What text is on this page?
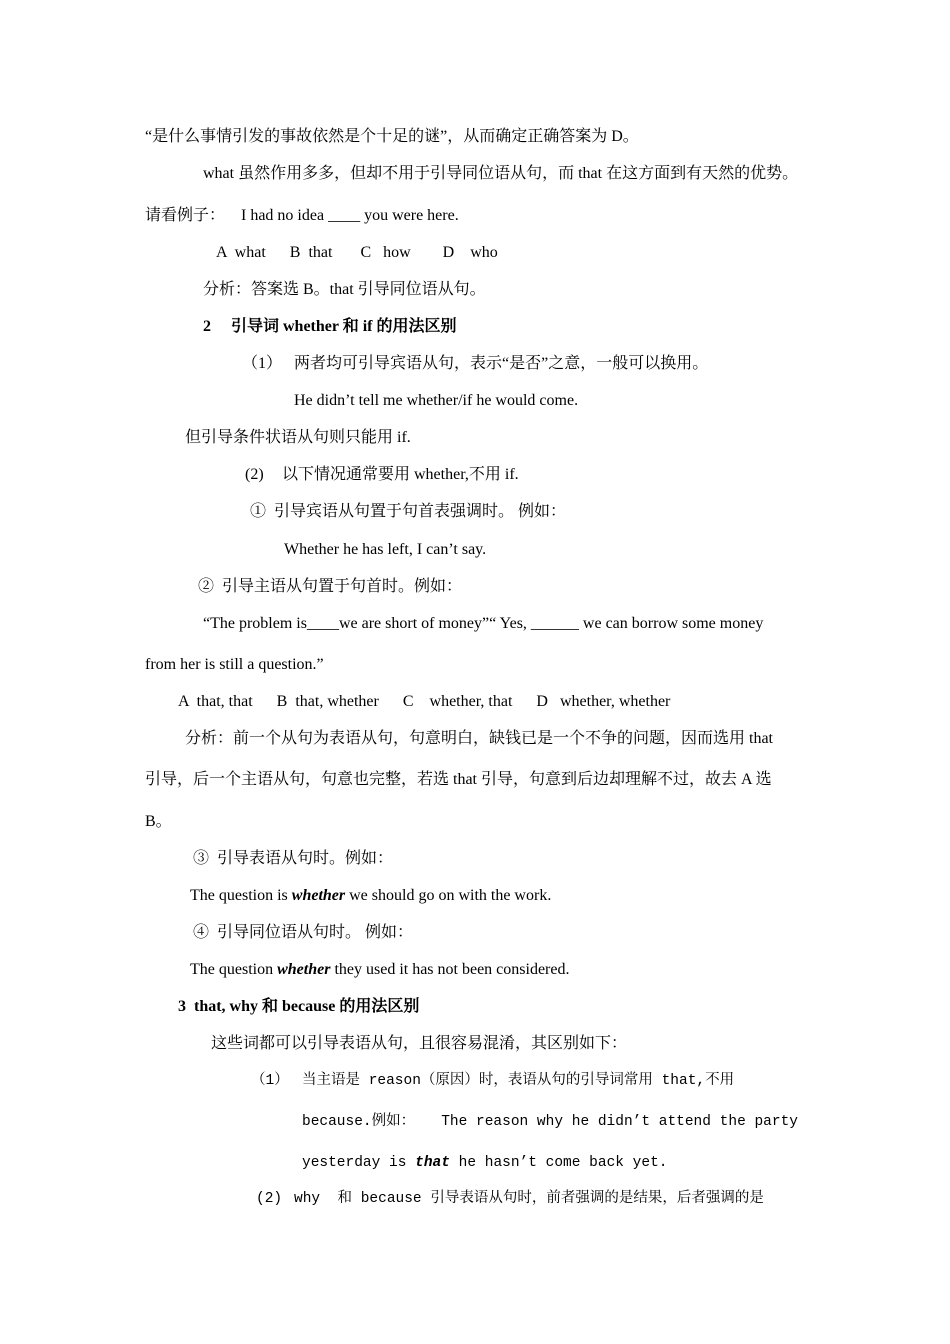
“是什么事情引发的事故依然是个十足的谜”，从而确定正确答案为 D。
what 虽然作用多多，但却不用于引导同位语从句，而 that 在这方面到有天然的优势。
请看例子：    I had no idea ____ you were here.
A  what      B  that       C   how        D    who
分析：答案选 B。that 引导同位语从句。
2     引导词 whether 和 if 的用法区别
（1） 两者均可引导宾语从句，表示“是否”之意，一般可以换用。
He didn’t tell me whether/if he would come.
但引导条件状语从句则只能用 if.
(2) 以下情况通常要用 whether,不用 if.
①  引导宾语从句置于句首表强调时。 例如：
Whether he has left, I can’t say.
②  引导主语从句置于句首时。例如：
“The problem is____we are short of money”“ Yes, ______ we can borrow some money
from her is still a question.”
A  that, that      B  that, whether      C    whether, that      D   whether, whether
分析：前一个从句为表语从句，句意明白，缺钱已是一个不争的问题，因而选用 that
引导，后一个主语从句，句意也完整，若选 that 引导，句意到后边却理解不过，故去 A 选
B。
③  引导表语从句时。例如：
The question is whether we should go on with the work.
④  引导同位语从句时。 例如：
The question whether they used it has not been considered.
3  that, why 和 because 的用法区别
这些词都可以引导表语从句，且很容易混淆，其区别如下：
（1） 当主语是 reason（原因）时，表语从句的引导词常用 that,不用
because.例如：   The reason why he didn’t attend the party
yesterday is that he hasn’t come back yet.
(2) why  和 because 引导表语从句时，前者强调的是结果，后者强调的是
